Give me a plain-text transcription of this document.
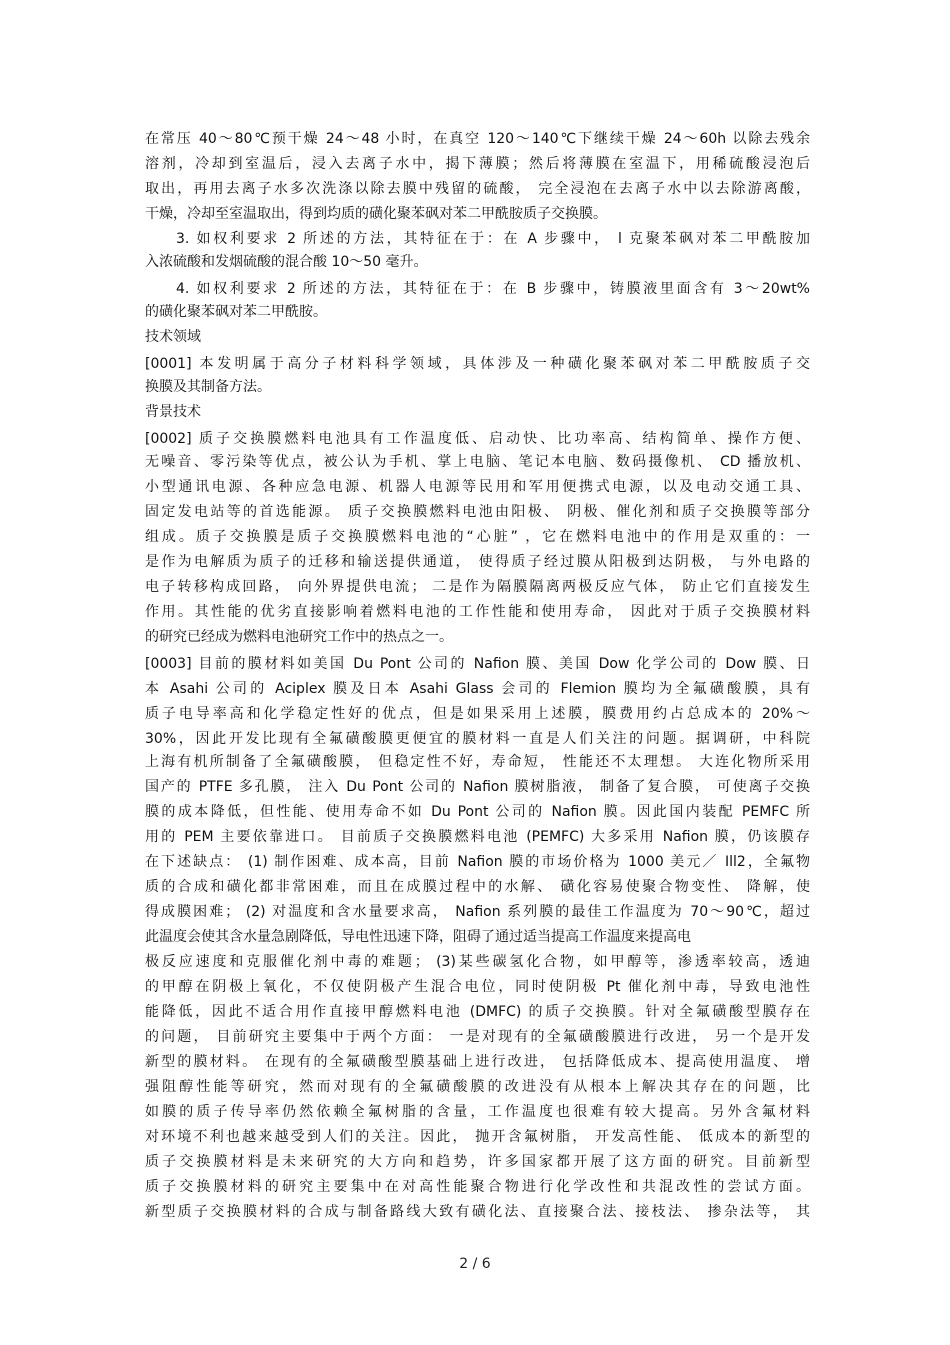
在常压 40～80℃预干燥 24～48 小时，在真空 120～140℃下继续干燥 24～60h 以除去残余
溶剂，冷却到室温后，浸入去离子水中，揭下薄膜；然后将薄膜在室温下，用稀硫酸浸泡后
取出，再用去离子水多次洗涤以除去膜中残留的硫酸， 完全浸泡在去离子水中以去除游离酸，
干燥，冷却至室温取出，得到均质的磺化聚苯砜对苯二甲酰胺质子交换膜。
3. 如权利要求 2 所述的方法，其特征在于：在 A 步骤中， l 克聚苯砜对苯二甲酰胺加
入浓硫酸和发烟硫酸的混合酸 10～50 毫升。
4. 如权利要求 2 所述的方法，其特征在于：在 B 步骤中，铸膜液里面含有 3～20wt%
的磺化聚苯砜对苯二甲酰胺。
技术领域
[0001] 本发明属于高分子材料科学领域，具体涉及一种磺化聚苯砜对苯二甲酰胺质子交
换膜及其制备方法。
背景技术
[0002] 质子交换膜燃料电池具有工作温度低、启动快、比功率高、结构简单、操作方便、
无噪音、零污染等优点，被公认为手机、掌上电脑、笔记本电脑、数码摄像机、 CD 播放机、
小型通讯电源、各种应急电源、机器人电源等民用和军用便携式电源，以及电动交通工具、
固定发电站等的首选能源。 质子交换膜燃料电池由阳极、 阴极、催化剂和质子交换膜等部分
组成。质子交换膜是质子交换膜燃料电池的“心脏” ，它在燃料电池中的作用是双重的：一
是作为电解质为质子的迁移和输送提供通道， 使得质子经过膜从阳极到达阴极， 与外电路的
电子转移构成回路， 向外界提供电流； 二是作为隔膜隔离两极反应气体， 防止它们直接发生
作用。其性能的优劣直接影响着燃料电池的工作性能和使用寿命， 因此对于质子交换膜材料
的研究已经成为燃料电池研究工作中的热点之一。
[0003] 目前的膜材料如美国 Du Pont 公司的 Nafion 膜、美国 Dow 化学公司的 Dow 膜、日
本 Asahi 公司的 Aciplex 膜及日本 Asahi Glass 会司的 Flemion 膜均为全氟磺酸膜，具有
质子电导率高和化学稳定性好的优点，但是如果采用上述膜，膜费用约占总成本的 20%～
30%，因此开发比现有全氟磺酸膜更便宜的膜材料一直是人们关注的问题。据调研，中科院
上海有机所制备了全氟磺酸膜， 但稳定性不好，寿命短， 性能还不太理想。 大连化物所采用
国产的 PTFE 多孔膜， 注入 Du Pont 公司的 Nafion 膜树脂液， 制备了复合膜， 可使离子交换
膜的成本降低，但性能、使用寿命不如 Du Pont 公司的 Nafion 膜。因此国内装配 PEMFC 所
用的 PEM 主要依靠进口。 目前质子交换膜燃料电池 (PEMFC) 大多采用 Nafion 膜，仍该膜存
在下述缺点： (1) 制作困难、成本高，目前 Nafion 膜的市场价格为 1000 美元／ Ill2，全氟物
质的合成和磺化都非常困难，而且在成膜过程中的水解、 磺化容易使聚合物变性、 降解，使
得成膜困难； (2) 对温度和含水量要求高， Nafion 系列膜的最佳工作温度为 70～90℃，超过
此温度会使其含水量急剧降低，导电性迅速下降，阻碍了通过适当提高工作温度来提高电
极反应速度和克服催化剂中毒的难题； (3)某些碳氢化合物，如甲醇等，渗透率较高，透迪
的甲醇在阴极上氧化，不仅使阴极产生混合电位，同时使阴极 Pt 催化剂中毒，导致电池性
能降低，因此不适合用作直接甲醇燃料电池 (DMFC) 的质子交换膜。针对全氟磺酸型膜存在
的问题， 目前研究主要集中于两个方面： 一是对现有的全氟磺酸膜进行改进， 另一个是开发
新型的膜材料。 在现有的全氟磺酸型膜基础上进行改进， 包括降低成本、提高使用温度、 增
强阻醇性能等研究，然而对现有的全氟磺酸膜的改进没有从根本上解决其存在的问题，比
如膜的质子传导率仍然依赖全氟树脂的含量，工作温度也很难有较大提高。另外含氟材料
对环境不利也越来越受到人们的关注。因此， 抛开含氟树脂， 开发高性能、 低成本的新型的
质子交换膜材料是未来研究的大方向和趋势，许多国家都开展了这方面的研究。目前新型
质子交换膜材料的研究主要集中在对高性能聚合物进行化学改性和共混改性的尝试方面。
新型质子交换膜材料的合成与制备路线大致有磺化法、直接聚合法、接枝法、 掺杂法等， 其
2 / 6
